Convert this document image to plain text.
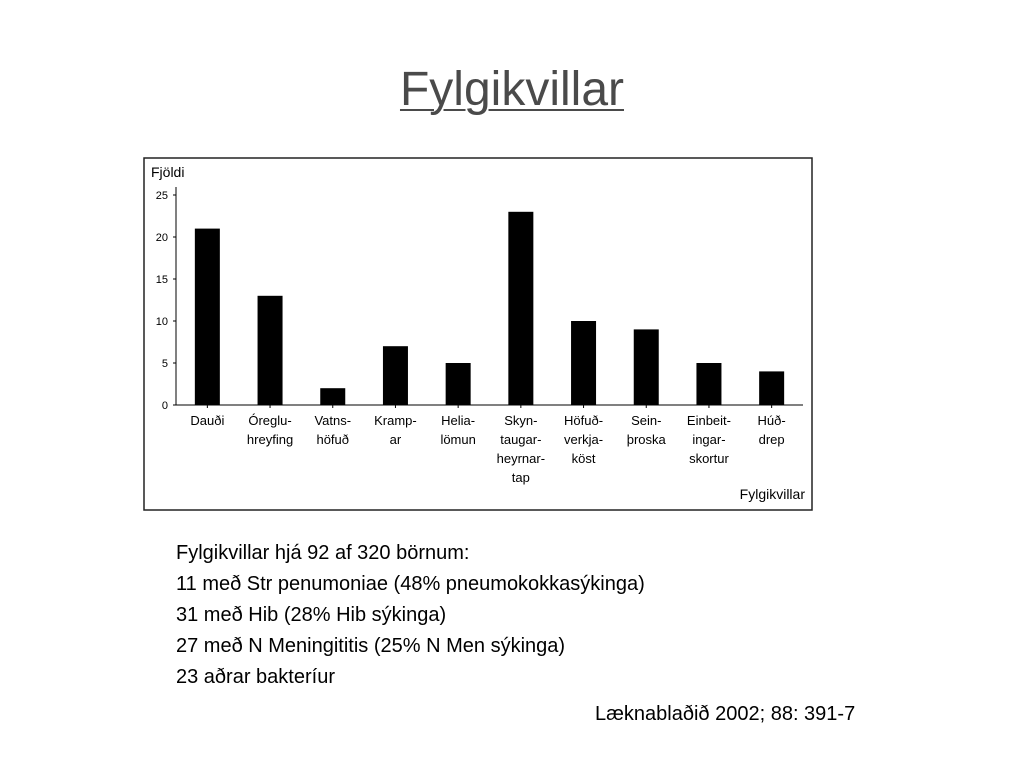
Fylgikvillar
Fjöldi
0
5
10
15
20
25
Dauði Óreglu-hreyfing
Vatns-höfuð
Kramp-ar
Helia-lömun
Skyn-taugar-heyrnar-tap
Höfuð-verkja-köst
Sein-þroska
Einbeit-ingar-skortur
Húð-drep
Fylgikvillar
Fylgikvillar hjá 92 af 320 börnum:
11 með Str penumoniae (48% pneumokokkasýkinga)
31 með Hib (28% Hib sýkinga)
27 með N Meningititis (25% N Men sýkinga)
23 aðrar bakteríur
Læknablaðið 2002; 88: 391-7
